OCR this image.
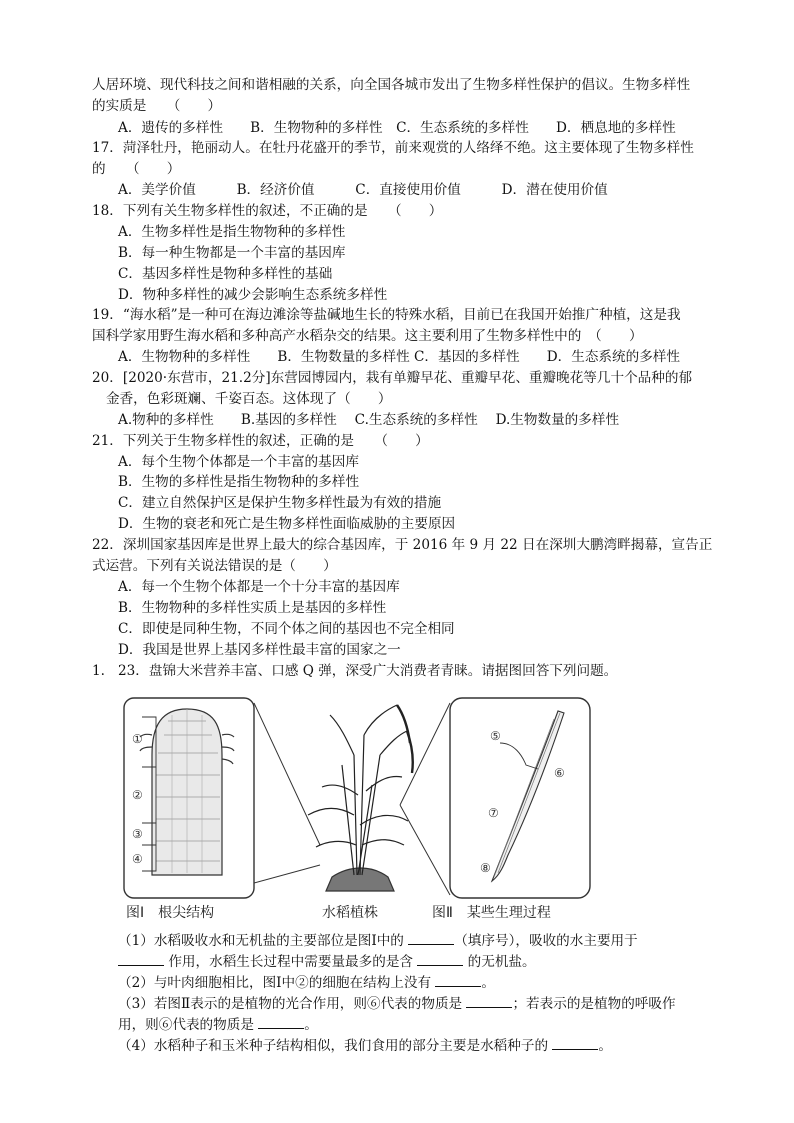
人居环境、现代科技之间和谐相融的关系，向全国各城市发出了生物多样性保护的倡议。生物多样性
的实质是　　（　　）
A．遗传的多样性　　B．生物物种的多样性　C．生态系统的多样性　　D．栖息地的多样性
17．菏泽牡丹，艳丽动人。在牡丹花盛开的季节，前来观赏的人络绎不绝。这主要体现了生物多样性
的　　（　　）
A．美学价值　　　B．经济价值　　　C．直接使用价值　　　D．潜在使用价值
18．下列有关生物多样性的叙述，不正确的是　　（　　）
A．生物多样性是指生物物种的多样性
B．每一种生物都是一个丰富的基因库
C．基因多样性是物种多样性的基础
D．物种多样性的减少会影响生态系统多样性
19．“海水稻”是一种可在海边滩涂等盐碱地生长的特殊水稻，目前已在我国开始推广种植，这是我
国科学家用野生海水稻和多种高产水稻杂交的结果。这主要利用了生物多样性中的　（　　）
A．生物物种的多样性　　B．生物数量的多样性 C．基因的多样性　　D．生态系统的多样性
20．[2020·东营市，21.2分]东营园博园内，栽有单瓣早花、重瓣早花、重瓣晚花等几十个品种的郁
金香，色彩斑斓、千姿百态。这体现了（　　）
A.物种的多样性　　B.基因的多样性　 C.生态系统的多样性　 D.生物数量的多样性
21．下列关于生物多样性的叙述，正确的是　　（　　）
A．每个生物个体都是一个丰富的基因库
B．生物的多样性是指生物物种的多样性
C．建立自然保护区是保护生物多样性最为有效的措施
D．生物的衰老和死亡是生物多样性面临威胁的主要原因
22．深圳国家基因库是世界上最大的综合基因库，于 2016 年 9 月 22 日在深圳大鹏湾畔揭幕，宣告正
式运营。下列有关说法错误的是（　　）
A．每一个生物个体都是一个十分丰富的基因库
B．生物物种的多样性实质上是基因的多样性
C．即使是同种生物，不同个体之间的基因也不完全相同
D．我国是世界上基冈多样性最丰富的国家之一
1. 23．盘锦大米营养丰富、口感 Q 弹，深受广大消费者青睐。请据图回答下列问题。
①
②
③
④
⑤
⑥
⑦
⑧
图Ⅰ　根尖结构	水稻植株	图Ⅱ　某些生理过程
（1）水稻吸收水和无机盐的主要部位是图Ⅰ中的	（填序号），吸收的水主要用于
作用，水稻生长过程中需要量最多的是含	的无机盐。
（2）与叶肉细胞相比，图Ⅰ中②的细胞在结构上没有	。
（3）若图Ⅱ表示的是植物的光合作用，则⑥代表的物质是	；若表示的是植物的呼吸作
用，则⑥代表的物质是	。
（4）水稻种子和玉米种子结构相似，我们食用的部分主要是水稻种子的	。
